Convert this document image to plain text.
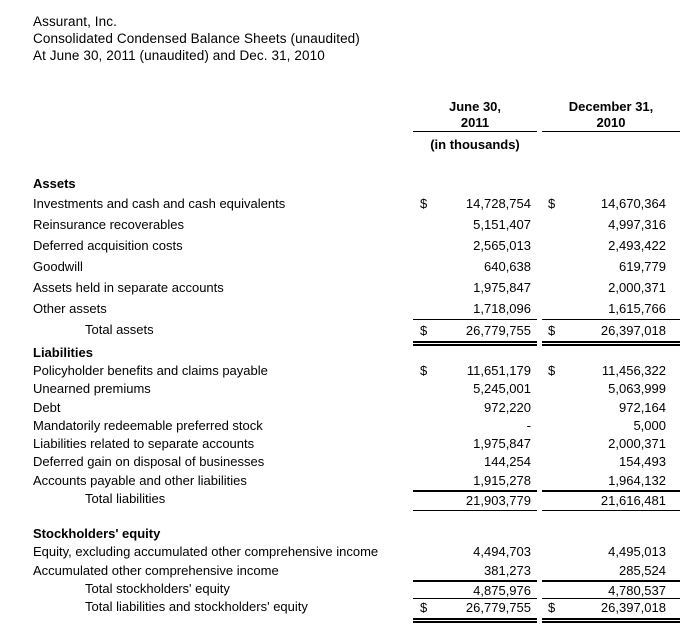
Assurant, Inc.
Consolidated Condensed Balance Sheets (unaudited)
At June 30, 2011 (unaudited) and Dec. 31, 2010
June 30,	December 31,
2011	2010
(in thousands)
Assets
Investments and cash and cash equivalents	$	14,728,754 $	14,670,364
Reinsurance recoverables	5,151,407	4,997,316
Deferred acquisition costs	2,565,013	2,493,422
Goodwill	640,638	619,779
Assets held in separate accounts	1,975,847	2,000,371
Other assets	1,718,096	1,615,766
Total assets	$	26,779,755 $	26,397,018
Liabilities
Policyholder benefits and claims payable	$	11,651,179 $	11,456,322
Unearned premiums	5,245,001	5,063,999
Debt	972,220	972,164
Mandatorily redeemable preferred stock	-	5,000
Liabilities related to separate accounts	1,975,847	2,000,371
Deferred gain on disposal of businesses	144,254	154,493
Accounts payable and other liabilities	1,915,278	1,964,132
Total liabilities	21,903,779	21,616,481
Stockholders' equity
Equity, excluding accumulated other comprehensive income	4,494,703	4,495,013
Accumulated other comprehensive income	381,273	285,524
Total stockholders' equity	4,875,976	4,780,537
Total liabilities and stockholders' equity	$	26,779,755 $	26,397,018
